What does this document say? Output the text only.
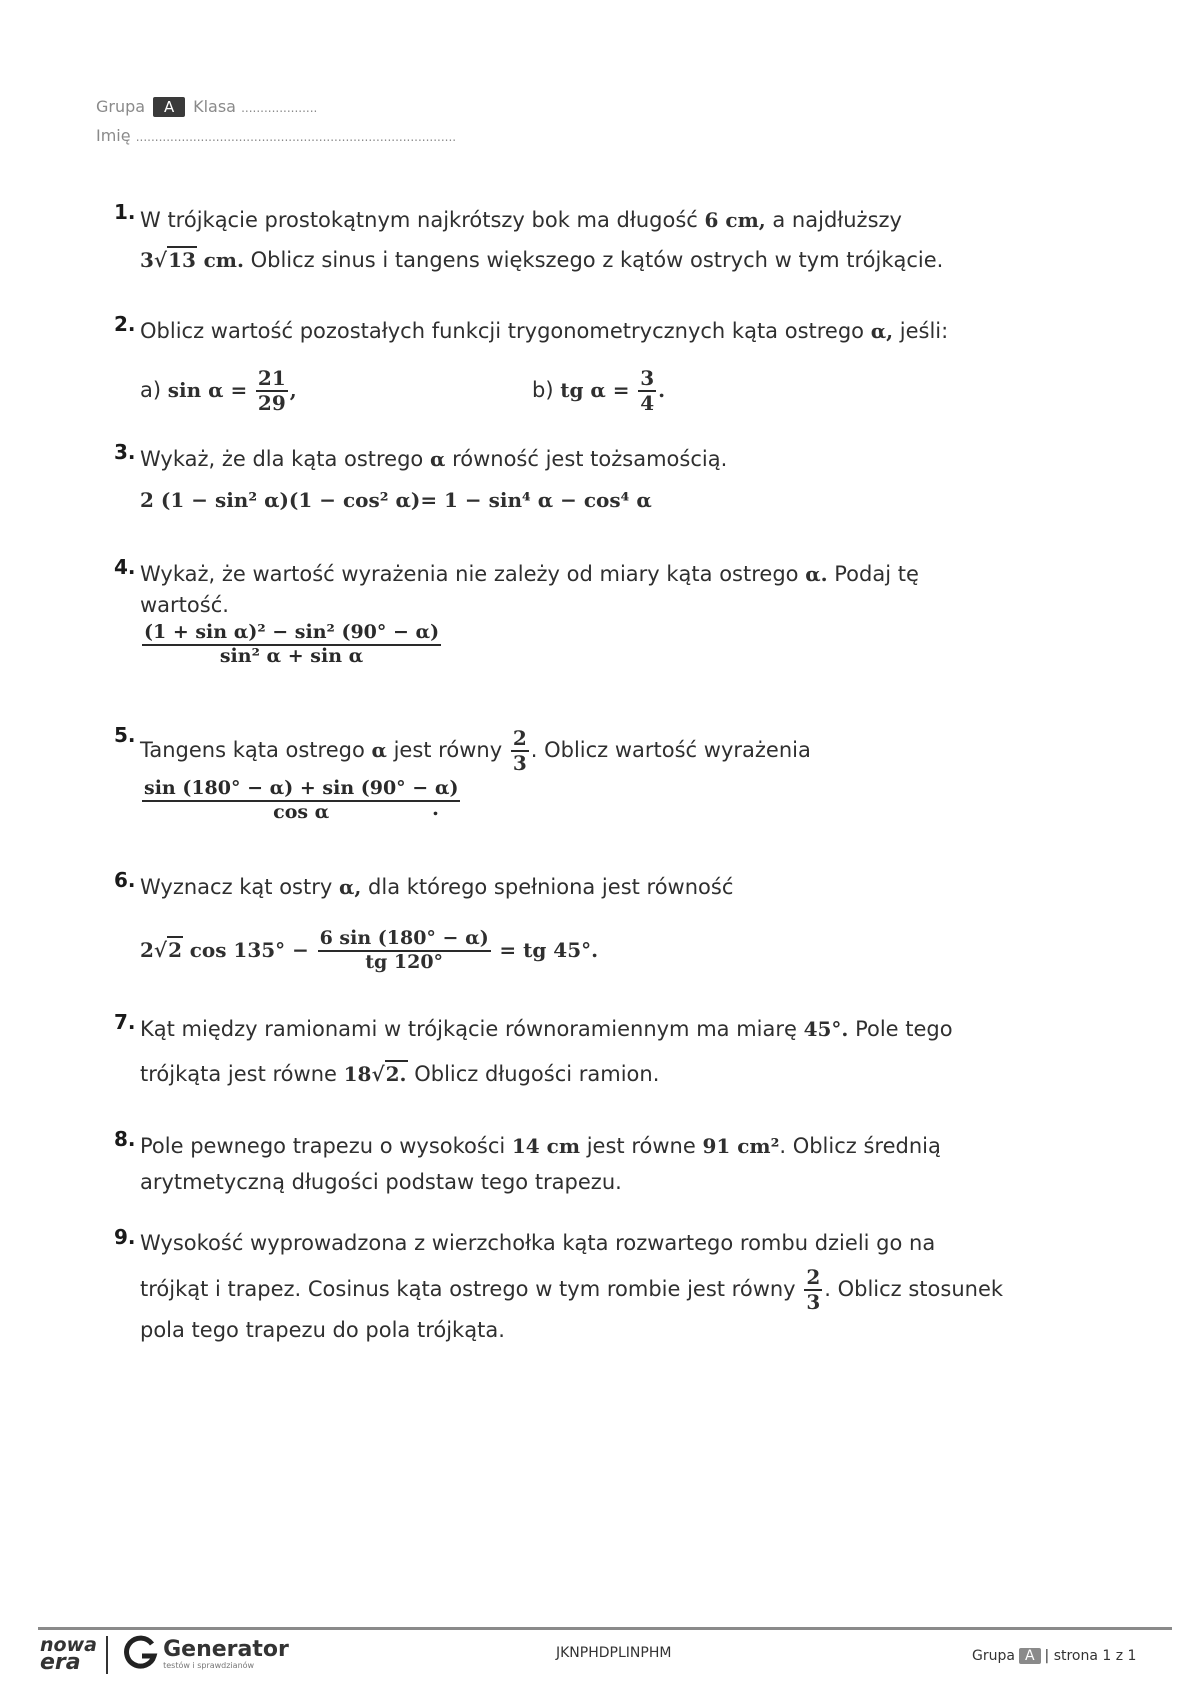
Grupa A Klasa ....................
Imię ....................................................................................
1. W trójkącie prostokątnym najkrótszy bok ma długość 6 cm, a najdłuższy
3√13 cm. Oblicz sinus i tangens większego z kątów ostrych w tym trójkącie.
2. Oblicz wartość pozostałych funkcji trygonometrycznych kąta ostrego α, jeśli:
a) $\sin \alpha = \frac{21}{29}$ ,	b) tg $\alpha = \frac{3}{4}$ .
3. Wykaż, że dla kąta ostrego α równość jest tożsamością.
2 (1 − sin² α)(1 − cos² α)= 1 − sin⁴ α − cos⁴ α
4. Wykaż, że wartość wyrażenia nie zależy od miary kąta ostrego α. Podaj tę
wartość.
$\frac{\text{(1 + sin α)² − sin² (90° − α)}}{\text{sin² α + sin α}}$
5.
Tangens kąta ostrego α jest równy $\frac{2}{3}$ . Oblicz wartość wyrażenia
$\frac{\sin (180^\circ - \alpha) + \sin (90^\circ - \alpha)}{\text{cos α}}$
.
6. Wyznacz kąt ostry α, dla którego spełniona jest równość
2√2 $\cos 135^\circ - \frac{6 \sin (180^\circ - \alpha)}{tg 120^\circ}$ = tg 45°.
7. Kąt między ramionami w trójkącie równoramiennym ma miarę 45°. Pole tego
trójkąta jest równe 18√2. Oblicz długości ramion.
8. Pole pewnego trapezu o wysokości 14 cm jest równe 91 cm². Oblicz średnią
arytmetyczną długości podstaw tego trapezu.
9. Wysokość wyprowadzona z wierzchołka kąta rozwartego rombu dzieli go na
trójkąt i trapez. Cosinus kąta ostrego w tym rombie jest równy $\frac{2}{3}$ . Oblicz stosunek
pola tego trapezu do pola trójkąta.
nowa
era

Generator
testów i sprawdzianów
JKNPHDPLINPHM	Grupa A | strona 1 z 1
